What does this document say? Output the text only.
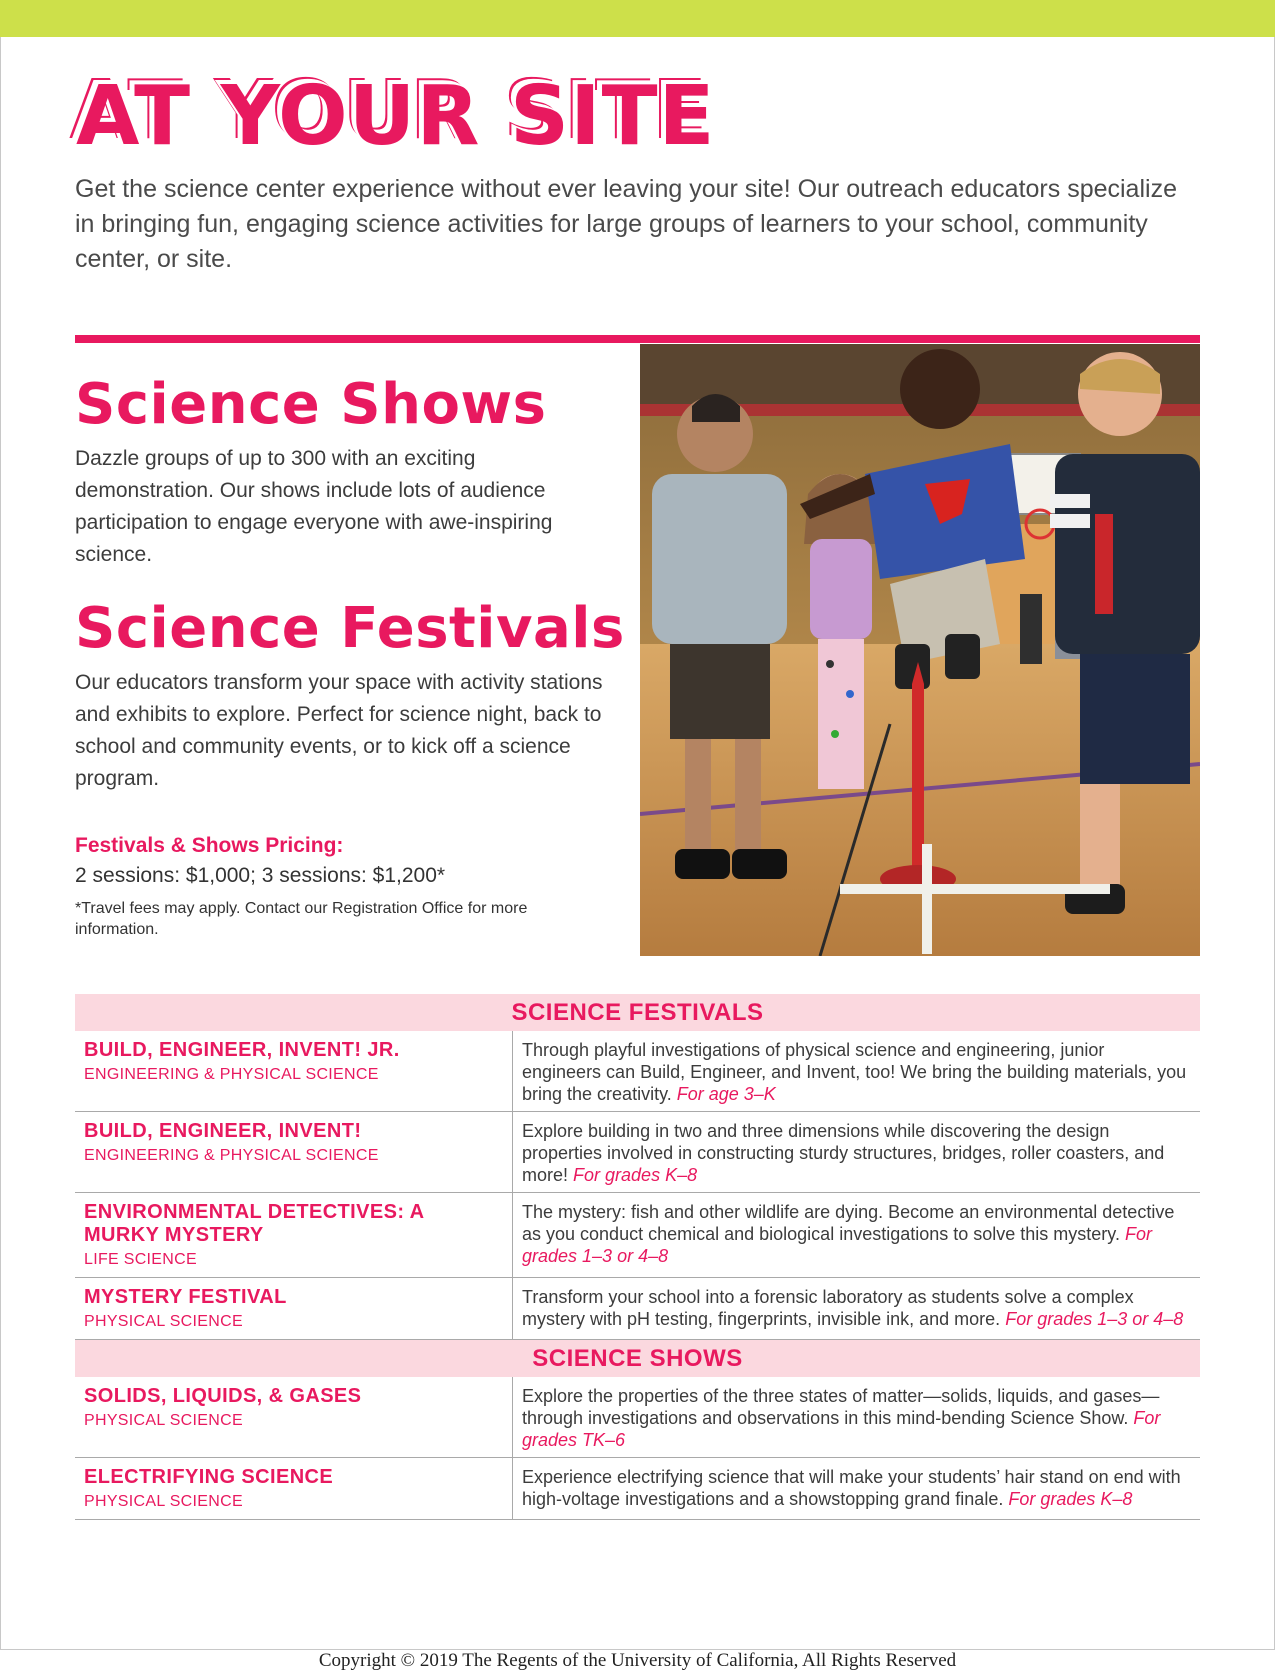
AT YOUR SITE

Get the science center experience without ever leaving your site! Our outreach educators specialize in bringing fun, engaging science activities for large groups of learners to your school, community center, or site.

Science Shows

Dazzle groups of up to 300 with an exciting demonstration. Our shows include lots of audience participation to engage everyone with awe-inspiring science.

Science Festivals

Our educators transform your space with activity stations and exhibits to explore. Perfect for science night, back to school and community events, or to kick off a science program.

Festivals & Shows Pricing:
2 sessions: $1,000; 3 sessions: $1,200*
*Travel fees may apply. Contact our Registration Office for more information.
SCIENCE FESTIVALS	

BUILD, ENGINEER, INVENT! JR.
ENGINEERING & PHYSICAL SCIENCE	Through playful investigations of physical science and engineering, junior engineers can Build, Engineer, and Invent, too! We bring the building materials, you bring the creativity. For age 3–K

BUILD, ENGINEER, INVENT!
ENGINEERING & PHYSICAL SCIENCE	Explore building in two and three dimensions while discovering the design properties involved in constructing sturdy structures, bridges, roller coasters, and more! For grades K–8

ENVIRONMENTAL DETECTIVES: A MURKY MYSTERY
LIFE SCIENCE	The mystery: fish and other wildlife are dying. Become an environmental detective as you conduct chemical and biological investigations to solve this mystery. For grades 1–3 or 4–8

MYSTERY FESTIVAL
PHYSICAL SCIENCE	Transform your school into a forensic laboratory as students solve a complex mystery with pH testing, fingerprints, invisible ink, and more. For grades 1–3 or 4–8
SCIENCE SHOWS	

SOLIDS, LIQUIDS, & GASES
PHYSICAL SCIENCE	Explore the properties of the three states of matter—solids, liquids, and gases—through investigations and observations in this mind-bending Science Show. For grades TK–6

ELECTRIFYING SCIENCE
PHYSICAL SCIENCE	Experience electrifying science that will make your students’ hair stand on end with high-voltage investigations and a showstopping grand finale. For grades K–8
Copyright © 2019 The Regents of the University of California, All Rights Reserved
